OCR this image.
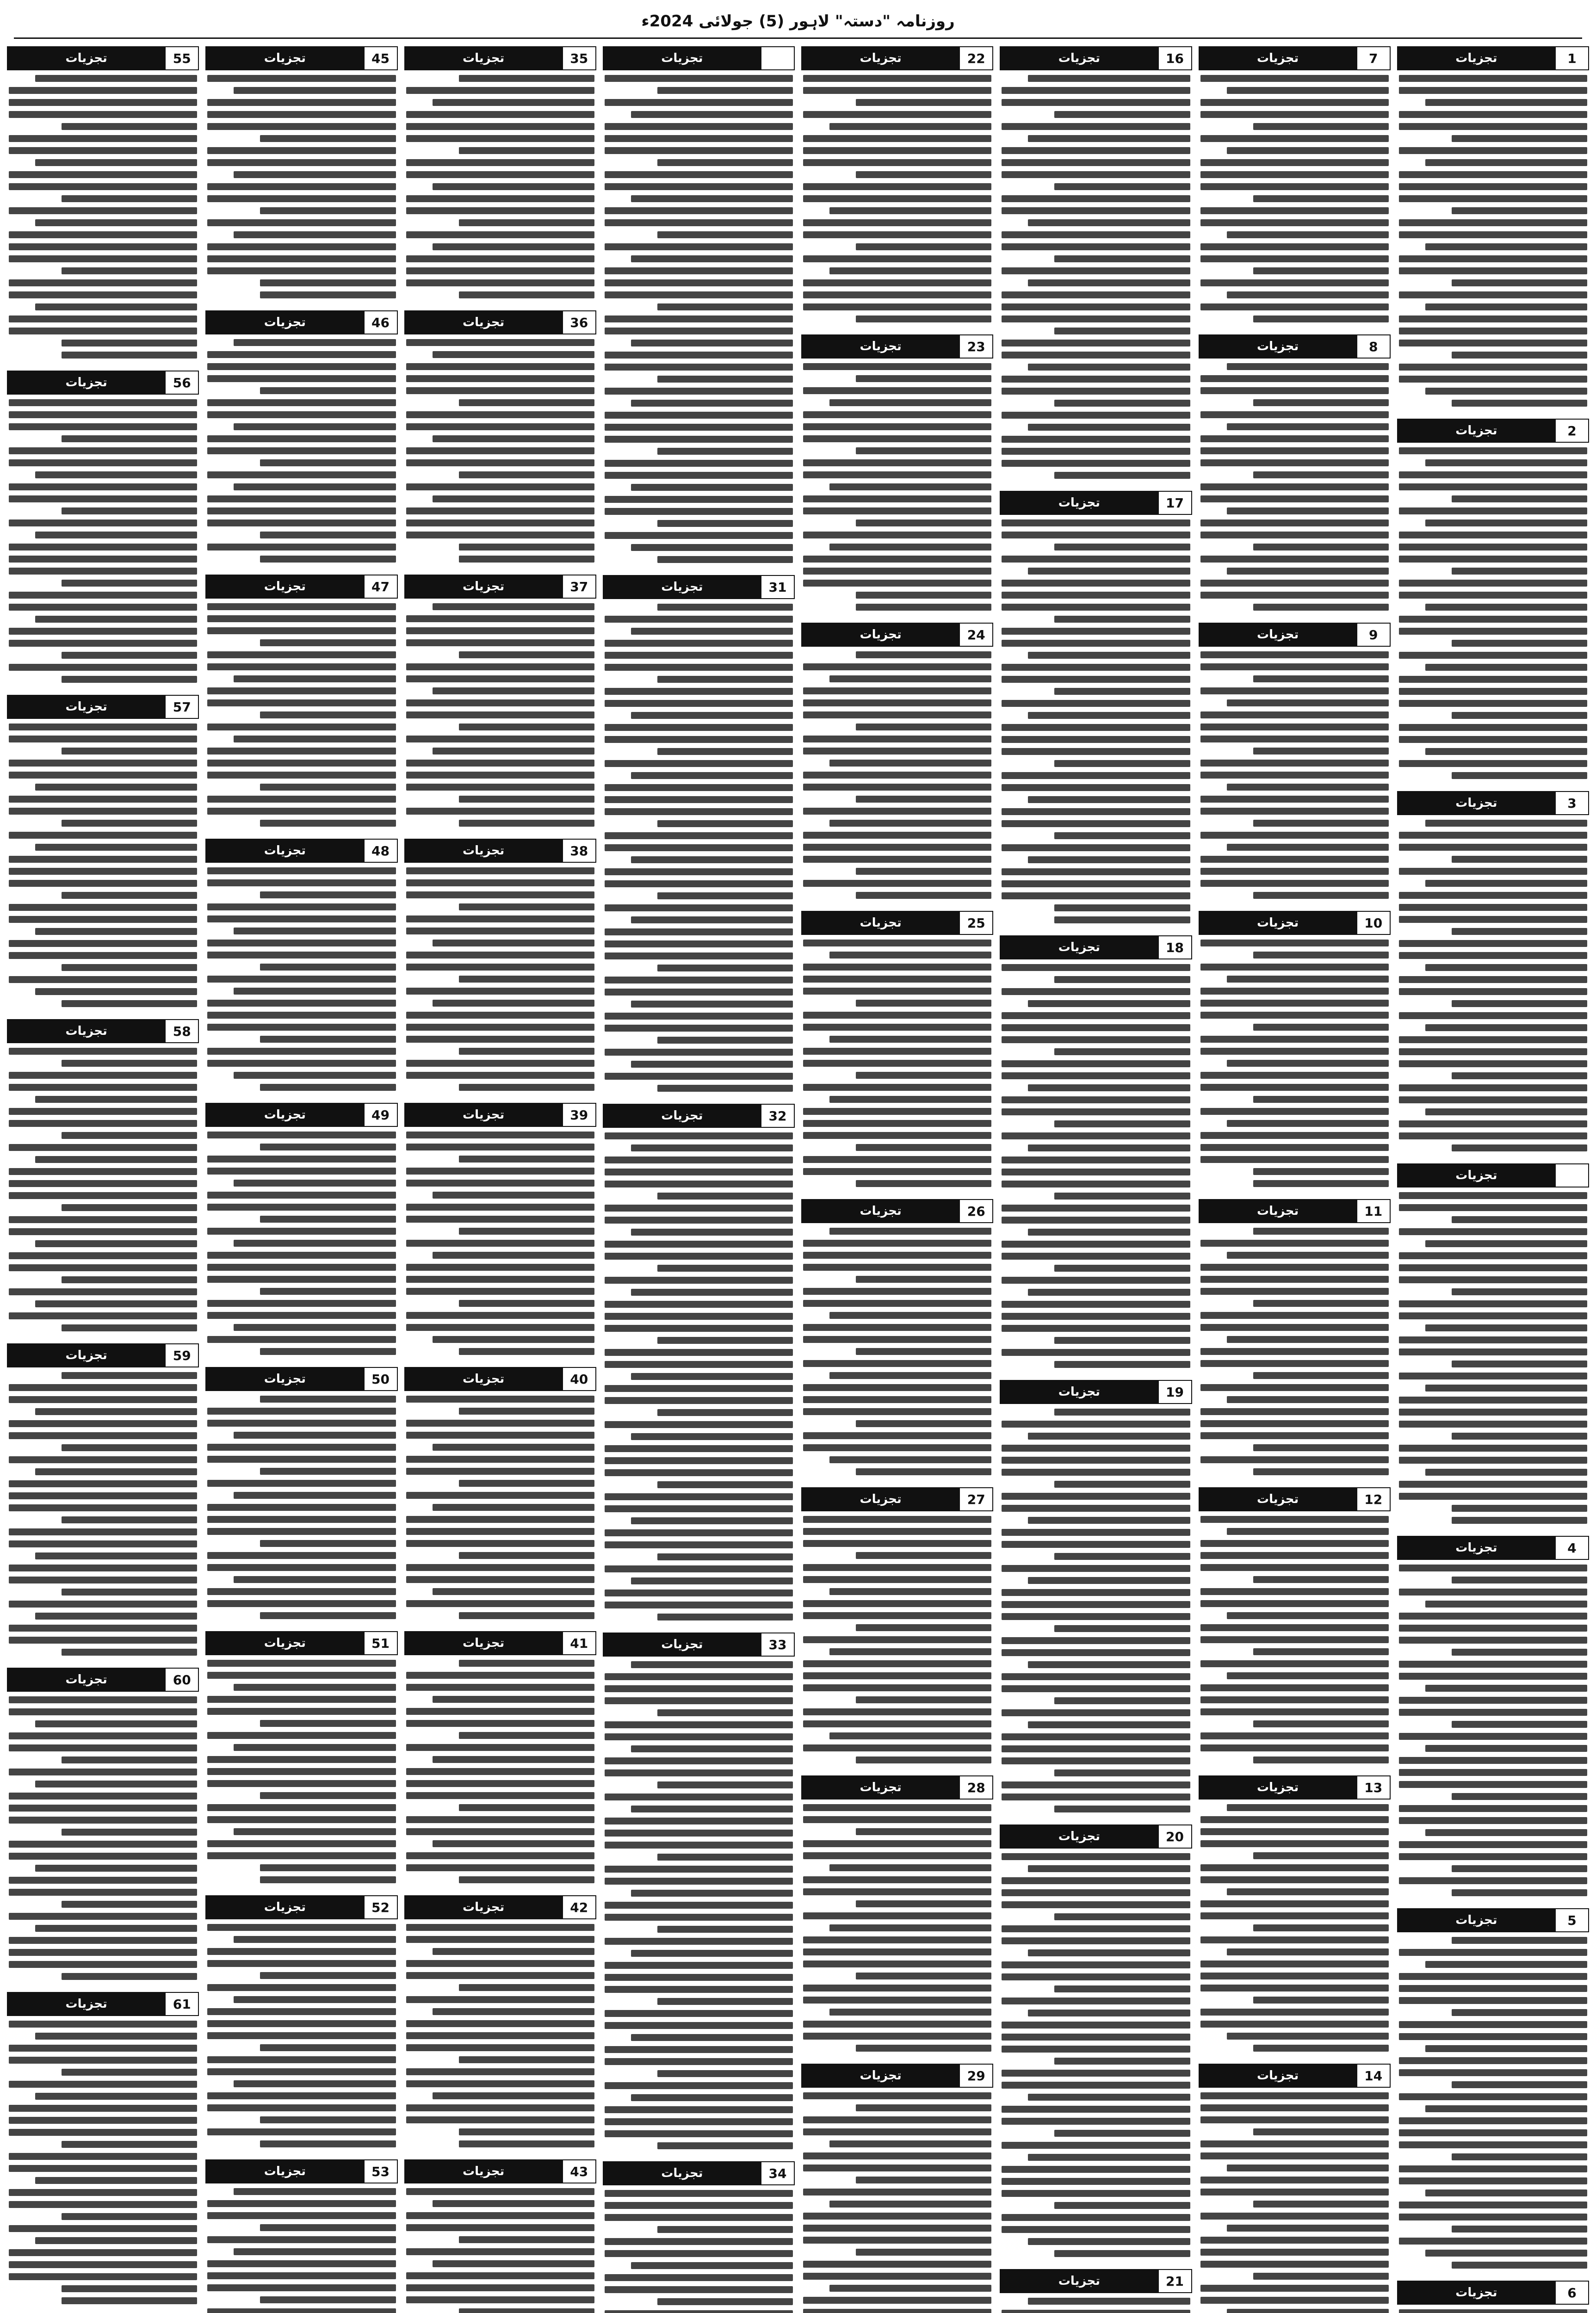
روزنامہ "دستہ" لاہور (5) جولائی 2024ء
1
تجزیات
2
تجزیات
3
تجزیات
تجزیات
4
تجزیات
5
تجزیات
6
تجزیات
7
تجزیات
8
تجزیات
9
تجزیات
10
تجزیات
11
تجزیات
12
تجزیات
13
تجزیات
14
تجزیات
16
تجزیات
17
تجزیات
18
تجزیات
19
تجزیات
20
تجزیات
21
تجزیات
22
تجزیات
23
تجزیات
24
تجزیات
25
تجزیات
26
تجزیات
27
تجزیات
28
تجزیات
29
تجزیات
تجزیات
31
تجزیات
32
تجزیات
33
تجزیات
34
تجزیات
35
تجزیات
36
تجزیات
37
تجزیات
38
تجزیات
39
تجزیات
40
تجزیات
41
تجزیات
42
تجزیات
43
تجزیات
45
تجزیات
46
تجزیات
47
تجزیات
48
تجزیات
49
تجزیات
50
تجزیات
51
تجزیات
52
تجزیات
53
تجزیات
55
تجزیات
56
تجزیات
57
تجزیات
58
تجزیات
59
تجزیات
60
تجزیات
61
تجزیات
